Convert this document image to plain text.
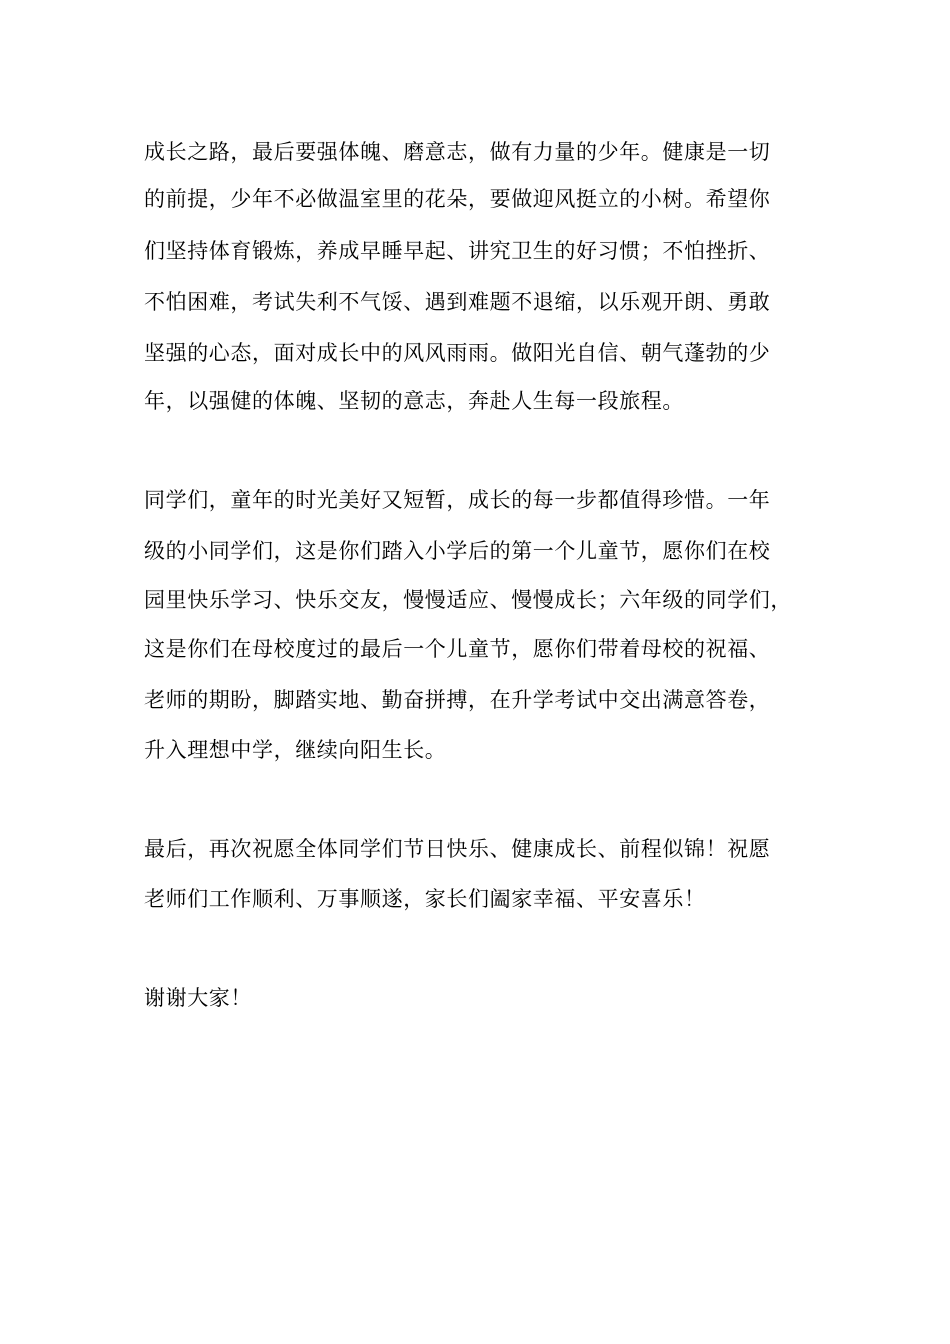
成长之路，最后要强体魄、磨意志，做有力量的少年。健康是一切
的前提，少年不必做温室里的花朵，要做迎风挺立的小树。希望你
们坚持体育锻炼，养成早睡早起、讲究卫生的好习惯；不怕挫折、
不怕困难，考试失利不气馁、遇到难题不退缩，以乐观开朗、勇敢
坚强的心态，面对成长中的风风雨雨。做阳光自信、朝气蓬勃的少
年，以强健的体魄、坚韧的意志，奔赴人生每一段旅程。
同学们，童年的时光美好又短暂，成长的每一步都值得珍惜。一年
级的小同学们，这是你们踏入小学后的第一个儿童节，愿你们在校
园里快乐学习、快乐交友，慢慢适应、慢慢成长；六年级的同学们，
这是你们在母校度过的最后一个儿童节，愿你们带着母校的祝福、
老师的期盼，脚踏实地、勤奋拼搏，在升学考试中交出满意答卷，
升入理想中学，继续向阳生长。
最后，再次祝愿全体同学们节日快乐、健康成长、前程似锦！祝愿
老师们工作顺利、万事顺遂，家长们阖家幸福、平安喜乐！
谢谢大家！
